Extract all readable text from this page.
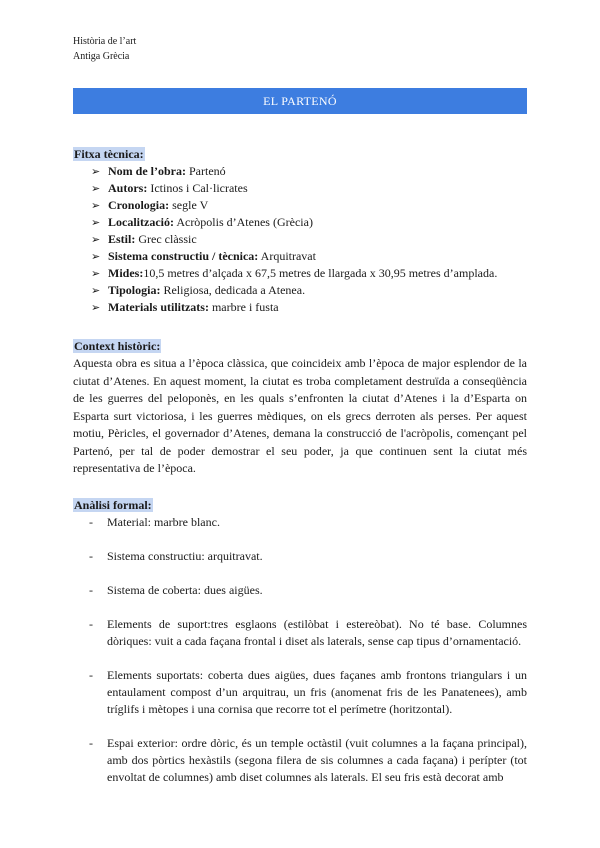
Història de l’art
Antiga Grècia
EL PARTENÓ
Fitxa tècnica:
➢ Nom de l’obra: Partenó
➢ Autors: Ictinos i Cal·licrates
➢ Cronologia: segle V
➢ Localització: Acròpolis d’Atenes (Grècia)
➢ Estil: Grec clàssic
➢ Sistema constructiu / tècnica: Arquitravat
➢ Mides:10,5 metres d’alçada x 67,5 metres de llargada x 30,95 metres d’amplada.
➢ Tipologia: Religiosa, dedicada a Atenea.
➢ Materials utilitzats: marbre i fusta
Context històric:
Aquesta obra es situa a l’època clàssica, que coincideix amb l’època de major esplendor de la ciutat d’Atenes. En aquest moment, la ciutat es troba completament destruïda a conseqüència de les guerres del peloponès, en les quals s’enfronten la ciutat d’Atenes i la d’Esparta on Esparta surt victoriosa, i les guerres mèdiques, on els grecs derroten als perses. Per aquest motiu, Pèricles, el governador d’Atenes, demana la construcció de l'acròpolis, començant pel Partenó, per tal de poder demostrar el seu poder, ja que continuen sent la ciutat més representativa de l’època.
Anàlisi formal:
- Material: marbre blanc.
- Sistema constructiu: arquitravat.
- Sistema de coberta: dues aigües.
- Elements de suport:tres esglaons (estilòbat i estereòbat). No té base. Columnes dòriques: vuit a cada façana frontal i diset als laterals, sense cap tipus d’ornamentació.
- Elements suportats: coberta dues aigües, dues façanes amb frontons triangulars i un entaulament compost d’un arquitrau, un fris (anomenat fris de les Panatenees), amb tríglifs i mètopes i una cornisa que recorre tot el perímetre (horitzontal).
- Espai exterior: ordre dòric, és un temple octàstil (vuit columnes a la façana principal), amb dos pòrtics hexàstils (segona filera de sis columnes a cada façana) i perípter (tot envoltat de columnes) amb diset columnes als laterals. El seu fris està decorat amb
